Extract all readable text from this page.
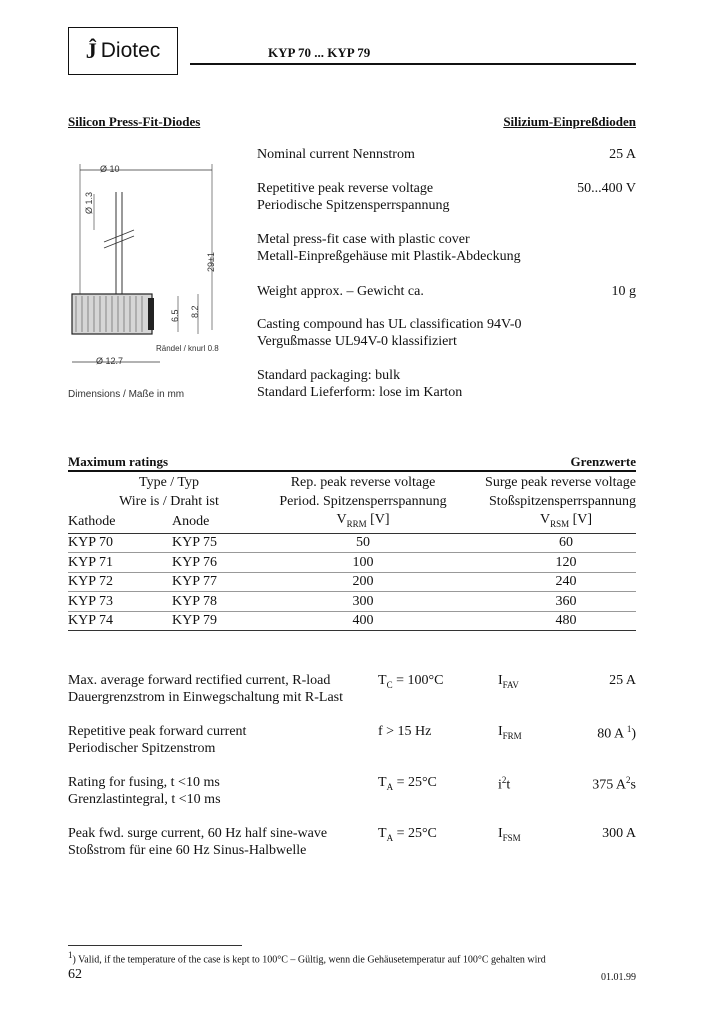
Ĵ Diotec	KYP 70 ... KYP 79
Silicon Press-Fit-Diodes	Silizium-Einpreßdioden
Ø 10
Ø 1.3
29±1
6.5 8.2
Rändel / knurl 0.8
Ø 12.7
Dimensions / Maße in mm
Nominal current Nennstrom	25 A
Repetitive peak reverse voltage
Periodische Spitzensperrspannung
50...400 V
Metal press-fit case with plastic cover
Metall-Einpreßgehäuse mit Plastik-Abdeckung
Weight approx. – Gewicht ca.	10 g
Casting compound has UL classification 94V-0
Vergußmasse UL94V-0 klassifiziert
Standard packaging: bulk
Standard Lieferform: lose im Karton
Maximum ratings	Grenzwerte
Type / Typ		Rep. peak reverse voltage	Surge peak reverse voltage
Wire is / Draht ist		Period. Spitzensperrspannung	Stoßspitzensperrspannung
Kathode	Anode	$V_{RRM}$ [V]	$V_{RSM}$ [V]
KYP 70	KYP 75	50	60
KYP 71	KYP 76	100	120
KYP 72	KYP 77	200	240
KYP 73	KYP 78	300	360
KYP 74	KYP 79	400	480
Max. average forward rectified current, R-load
Dauergrenzstrom in Einwegschaltung mit R-Last
$T_C = 100^\circ C$	$I_{FAV}$	25 A
Repetitive peak forward current
Periodischer Spitzenstrom
f > 15 Hz	$I_{FRM}$	80 A $^1$)
Rating for fusing, t <10 ms
Grenzlastintegral, t <10 ms
$T_A = 25^\circ C$	$i^2t$	375 $A^2s$
Peak fwd. surge current, 60 Hz half sine-wave
Stoßstrom für eine 60 Hz Sinus-Halbwelle
$T_A = 25^\circ C$	$I_{FSM}$	300 A
$^1$) Valid, if the temperature of the case is kept to 100°C – Gültig, wenn die Gehäusetemperatur auf 100°C gehalten wird
62	01.01.99
